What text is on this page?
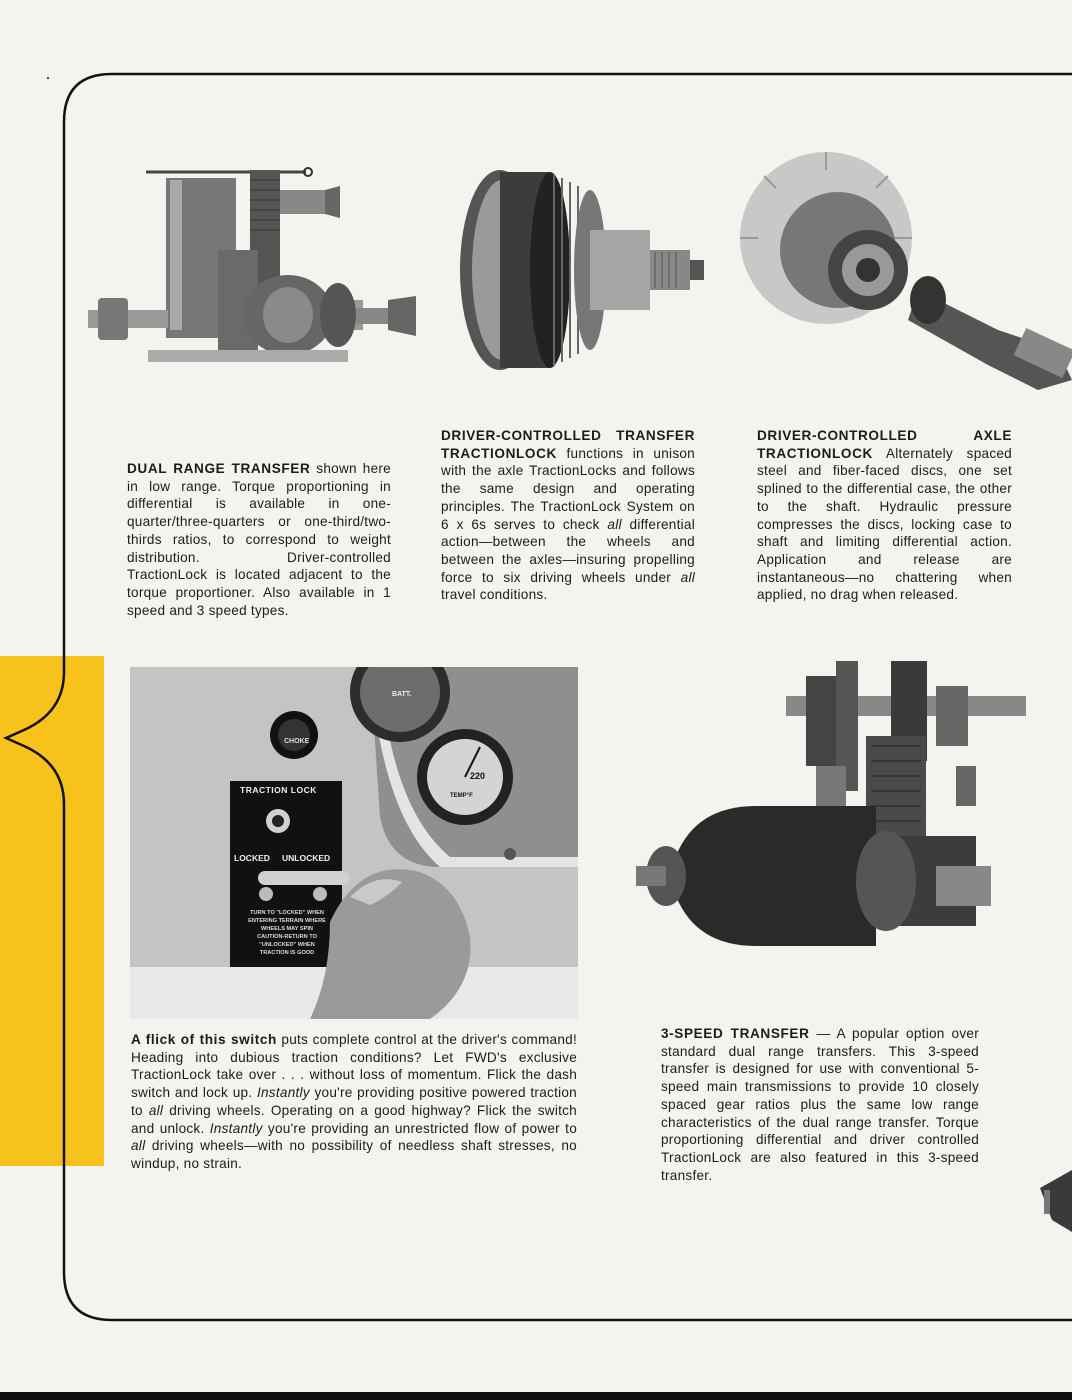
DUAL RANGE TRANSFER shown here in low range. Torque proportioning in differential is available in one-quarter/three-quarters or one-third/two-thirds ratios, to correspond to weight distribution. Driver-controlled TractionLock is located adjacent to the torque proportioner. Also available in 1 speed and 3 speed types.

DRIVER-CONTROLLED TRANSFER TRACTIONLOCK functions in unison with the axle TractionLocks and follows the same design and operating principles. The TractionLock System on 6 x 6s serves to check all differential action—between the wheels and between the axles—insuring propelling force to six driving wheels under all travel conditions.

DRIVER-CONTROLLED AXLE TRACTIONLOCK Alternately spaced steel and fiber-faced discs, one set splined to the differential case, the other to the shaft. Hydraulic pressure compresses the discs, locking case to shaft and limiting differential action. Application and release are instantaneous—no chattering when applied, no drag when released.

CHOKE
BATT.
220
TEMP°F
TRACTION LOCK
LOCKED UNLOCKED
TURN TO "LOCKED" WHEN
ENTERING TERRAIN WHERE
WHEELS MAY SPIN
CAUTION-RETURN TO
"UNLOCKED" WHEN
TRACTION IS GOOD

A flick of this switch puts complete control at the driver's command! Heading into dubious traction conditions? Let FWD's exclusive TractionLock take over . . . without loss of momentum. Flick the dash switch and lock up. Instantly you're providing positive powered traction to all driving wheels. Operating on a good highway? Flick the switch and unlock. Instantly you're providing an unrestricted flow of power to all driving wheels—with no possibility of needless shaft stresses, no windup, no strain.

3-SPEED TRANSFER — A popular option over standard dual range transfers. This 3-speed transfer is designed for use with conventional 5-speed main transmissions to provide 10 closely spaced gear ratios plus the same low range characteristics of the dual range transfer. Torque proportioning differential and driver controlled TractionLock are also featured in this 3-speed transfer.
